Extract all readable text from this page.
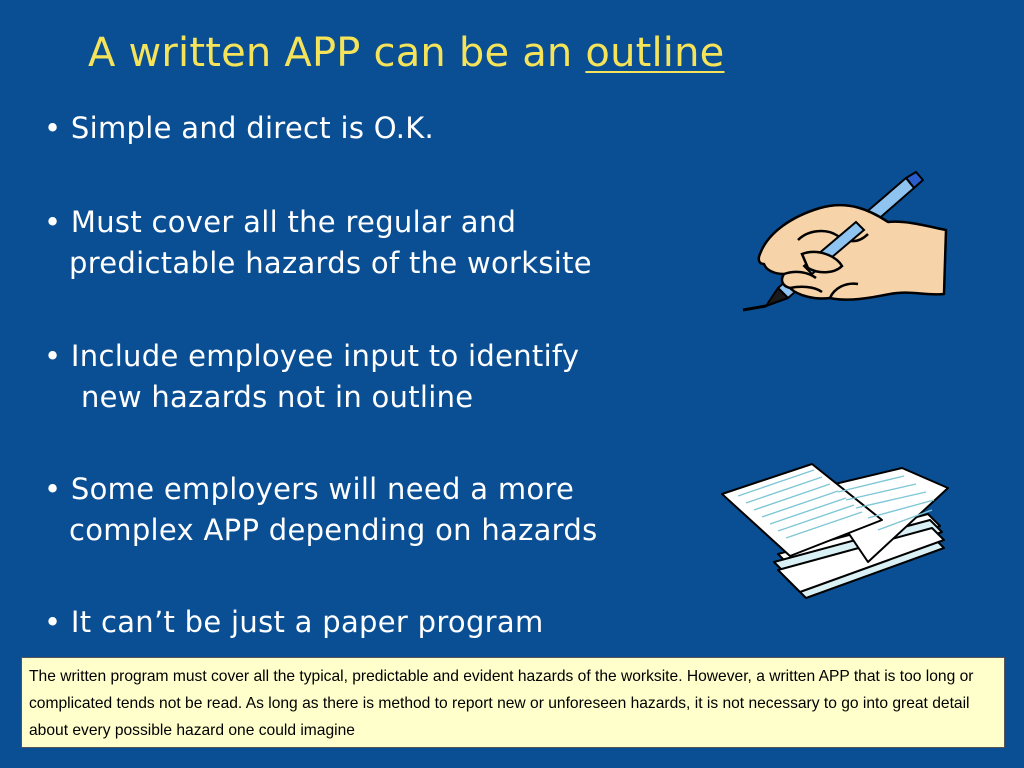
A written APP can be an outline
• Simple and direct is O.K.
• Must cover all the regular and
predictable hazards of the worksite
• Include employee input to identify
new hazards not in outline
• Some employers will need a more
complex APP depending on hazards
• It can’t be just a paper program
The written program must cover all the typical, predictable and evident hazards of the worksite. However, a written APP that is too long or complicated tends not be read. As long as there is method to report new or unforeseen hazards, it is not necessary to go into great detail about every possible hazard one could imagine
